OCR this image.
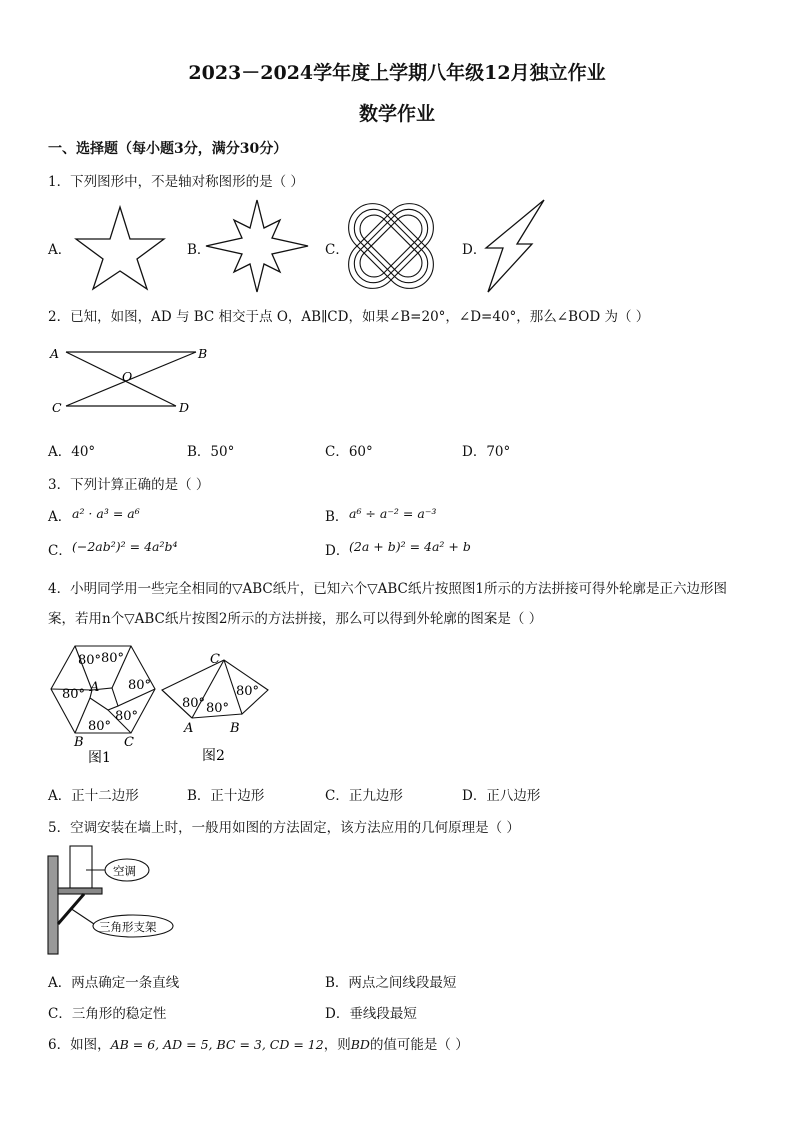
2023－2024学年度上学期八年级12月独立作业
数学作业
一、选择题（每小题3分，满分30分）
1．下列图形中，不是轴对称图形的是（ ）
A．	B．	C．	D．
2．已知，如图，AD 与 BC 相交于点 O，AB∥CD，如果∠B=20°，∠D=40°，那么∠BOD 为（ ）
A	B
O
C	D
A．40°	B．50°	C．60°	D．70°
3．下列计算正确的是（ ）
A． a² · a³ = a⁶	B． a⁶ ÷ a⁻² = a⁻³
C． (−2ab²)² = 4a²b⁴	D． (2a + b)² = 4a² + b
4．小明同学用一些完全相同的▽ABC纸片，已知六个▽ABC纸片按照图1所示的方法拼接可得外轮廓是正六边形图
案，若用n个▽ABC纸片按图2所示的方法拼接，那么可以得到外轮廓的图案是（ ）
80° 80°
80°
80°
80°
80°
A
B	C
图1
C
80° 80°
80°
A	B
图2
A．正十二边形	B．正十边形	C．正九边形	D．正八边形
5．空调安装在墙上时，一般用如图的方法固定，该方法应用的几何原理是（ ）
空调
三角形支架
A．两点确定一条直线	B．两点之间线段最短
C．三角形的稳定性	D．垂线段最短
6．如图，AB = 6, AD = 5, BC = 3, CD = 12，则BD的值可能是（ ）
